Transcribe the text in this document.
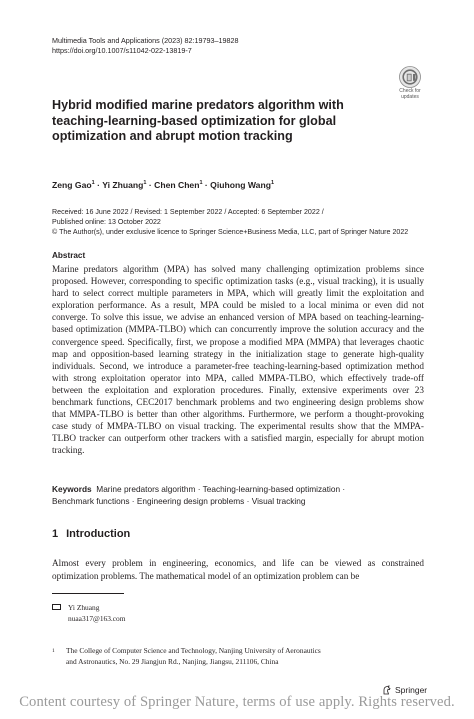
Multimedia Tools and Applications (2023) 82:19793–19828
https://doi.org/10.1007/s11042-022-13819-7
Check for
updates
Hybrid modified marine predators algorithm with teaching-learning-based optimization for global optimization and abrupt motion tracking
Zeng Gao$^1$ · Yi Zhuang$^1$ · Chen Chen$^1$ · Qiuhong Wang$^1$
Received: 16 June 2022 / Revised: 1 September 2022 / Accepted: 6 September 2022 /
Published online: 13 October 2022
© The Author(s), under exclusive licence to Springer Science+Business Media, LLC, part of Springer Nature 2022
Abstract

Marine predators algorithm (MPA) has solved many challenging optimization problems since proposed. However, corresponding to specific optimization tasks (e.g., visual tracking), it is usually hard to select correct multiple parameters in MPA, which will greatly limit the exploitation and exploration performance. As a result, MPA could be misled to a local minima or even did not converge. To solve this issue, we advise an enhanced version of MPA based on teaching-learning-based optimization (MMPA-TLBO) which can concurrently improve the solution accuracy and the convergence speed. Specifically, first, we propose a modified MPA (MMPA) that leverages chaotic map and opposition-based learning strategy in the initialization stage to generate high-quality individuals. Second, we introduce a parameter-free teaching-learning-based optimization method with strong exploitation operator into MPA, called MMPA-TLBO, which effectively trade-off between the exploitation and exploration procedures. Finally, extensive experiments over 23 benchmark functions, CEC2017 benchmark problems and two engineering design problems show that MMPA-TLBO is better than other algorithms. Furthermore, we perform a thought-provoking case study of MMPA-TLBO on visual tracking. The experimental results show that the MMPA-TLBO tracker can outperform other trackers with a satisfied margin, especially for abrupt motion tracking.

Keywords Marine predators algorithm · Teaching-learning-based optimization ·
Benchmark functions · Engineering design problems · Visual tracking
1 Introduction

Almost every problem in engineering, economics, and life can be viewed as constrained optimization problems. The mathematical model of an optimization problem can be

Yi Zhuang
nuaa317@163.com
1 The College of Computer Science and Technology, Nanjing University of Aeronautics
and Astronautics, No. 29 Jiangjun Rd., Nanjing, Jiangsu, 211106, China
Springer
Content courtesy of Springer Nature, terms of use apply. Rights reserved.
